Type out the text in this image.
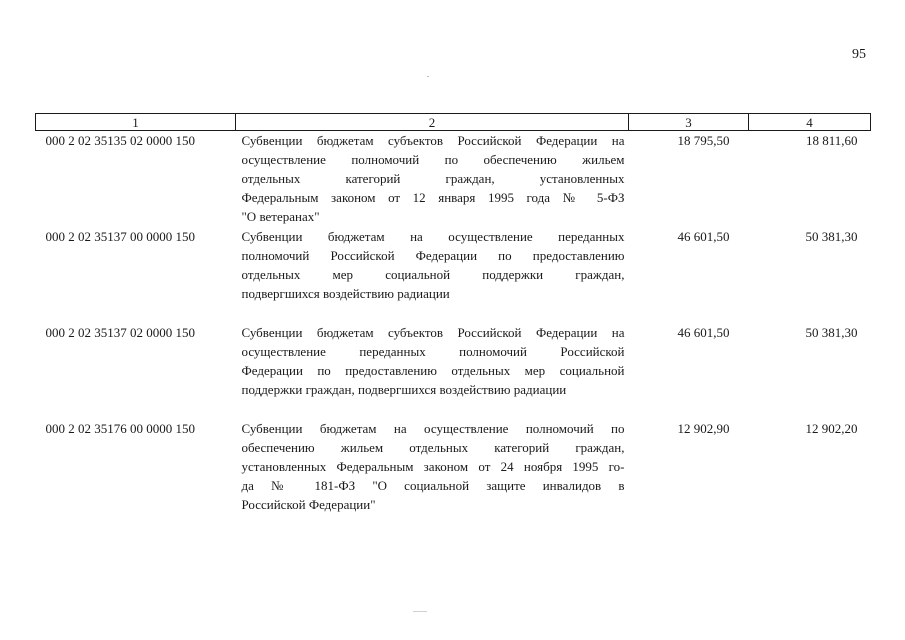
95
1	2	3	4
000 2 02 35135 02 0000 150	Субвенции бюджетам субъектов Российской Федерации на
осуществление полномочий по обеспечению жильем
отдельных категорий граждан, установленных
Федеральным законом от 12 января 1995 года № 5-ФЗ
"О ветеранах"	18 795,50	18 811,60
000 2 02 35137 00 0000 150	Субвенции бюджетам на осуществление переданных
полномочий Российской Федерации по предоставлению
отдельных мер социальной поддержки граждан,
подвергшихся воздействию радиации	46 601,50	50 381,30
000 2 02 35137 02 0000 150	Субвенции бюджетам субъектов Российской Федерации на
осуществление переданных полномочий Российской
Федерации по предоставлению отдельных мер социальной
поддержки граждан, подвергшихся воздействию радиации	46 601,50	50 381,30
000 2 02 35176 00 0000 150	Субвенции бюджетам на осуществление полномочий по
обеспечению жильем отдельных категорий граждан,
установленных Федеральным законом от 24 ноября 1995 го-
да № 181-ФЗ "О социальной защите инвалидов в
Российской Федерации"	12 902,90	12 902,20
